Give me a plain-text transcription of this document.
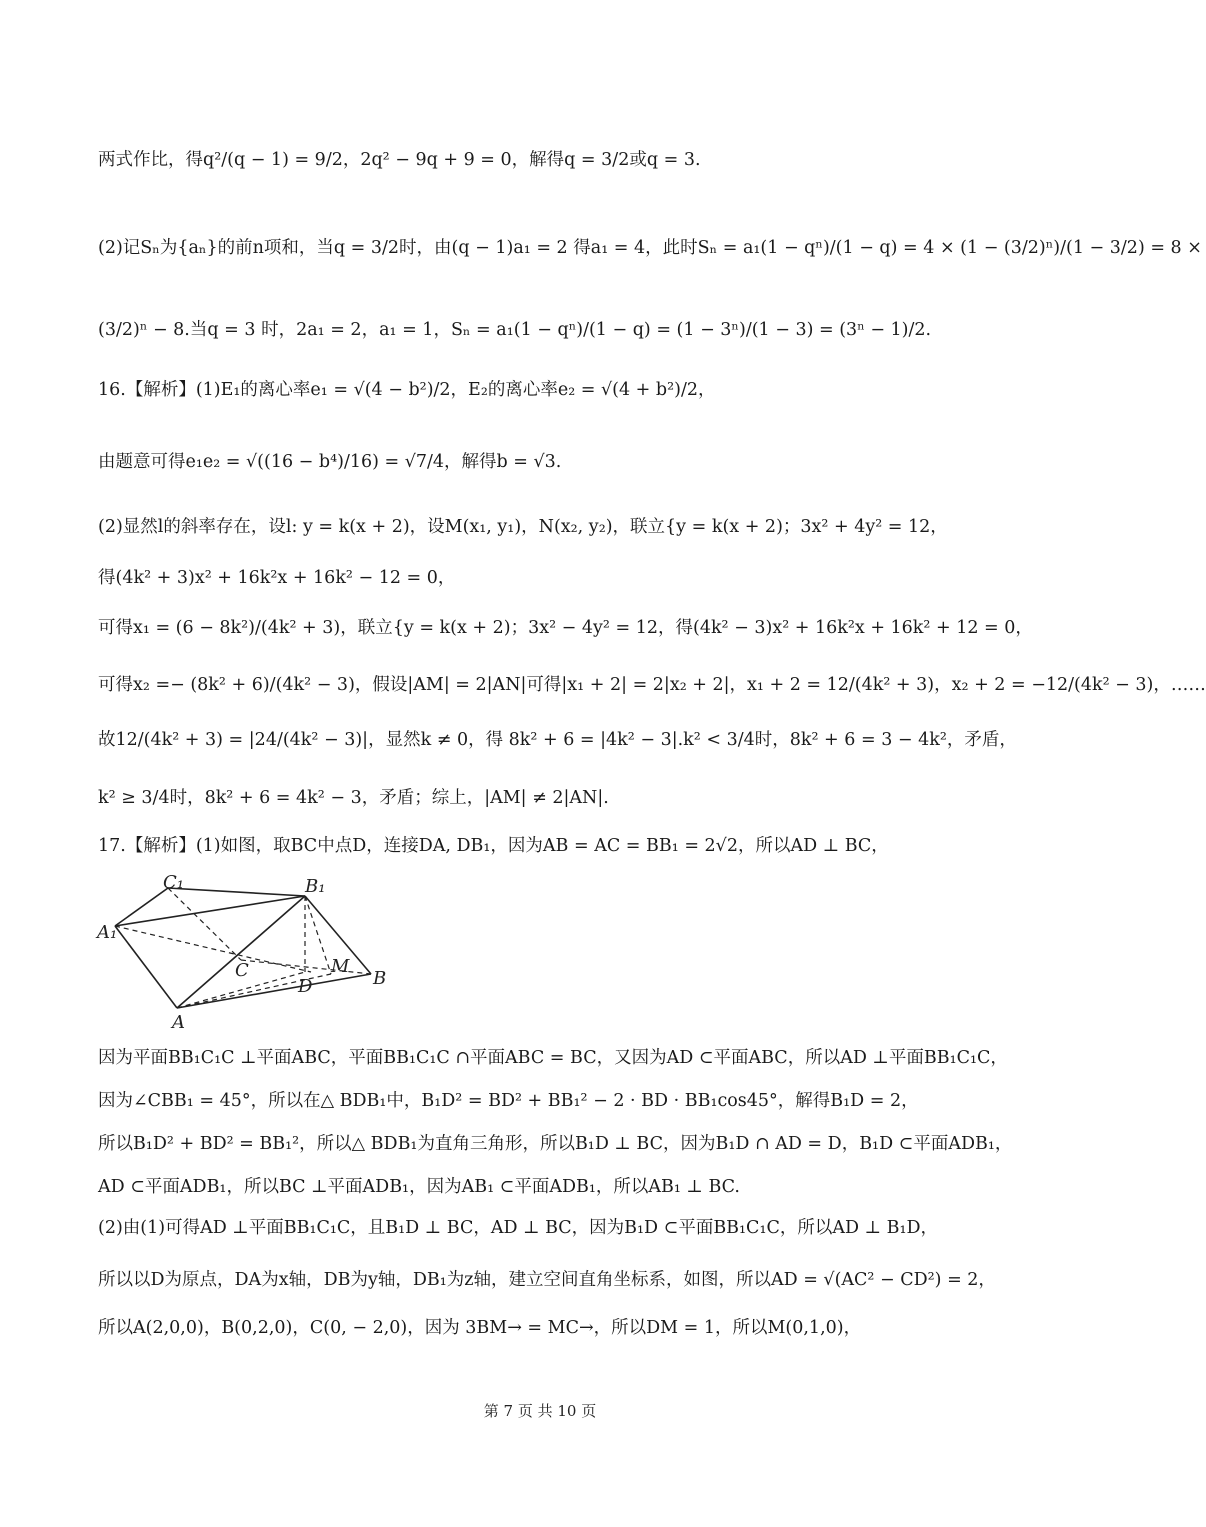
两式作比，得q²/(q − 1) = 9/2，2q² − 9q + 9 = 0，解得q = 3/2或q = 3.
(2)记Sₙ为{aₙ}的前n项和，当q = 3/2时，由(q − 1)a₁ = 2 得a₁ = 4，此时Sₙ = a₁(1 − qⁿ)/(1 − q) = 4 × (1 − (3/2)ⁿ)/(1 − 3/2) = 8 ×
(3/2)ⁿ − 8.当q = 3 时，2a₁ = 2，a₁ = 1，Sₙ = a₁(1 − qⁿ)/(1 − q) = (1 − 3ⁿ)/(1 − 3) = (3ⁿ − 1)/2.
16.【解析】(1)E₁的离心率e₁ = √(4 − b²)/2，E₂的离心率e₂ = √(4 + b²)/2，
由题意可得e₁e₂ = √((16 − b⁴)/16) = √7/4，解得b = √3.
(2)显然l的斜率存在，设l: y = k(x + 2)，设M(x₁, y₁)，N(x₂, y₂)，联立{y = k(x + 2)；3x² + 4y² = 12，
得(4k² + 3)x² + 16k²x + 16k² − 12 = 0，
可得x₁ = (6 − 8k²)/(4k² + 3)，联立{y = k(x + 2)；3x² − 4y² = 12，得(4k² − 3)x² + 16k²x + 16k² + 12 = 0，
可得x₂ =− (8k² + 6)/(4k² − 3)，假设|AM| = 2|AN|可得|x₁ + 2| = 2|x₂ + 2|，x₁ + 2 = 12/(4k² + 3)，x₂ + 2 = −12/(4k² − 3)，……
故12/(4k² + 3) = |24/(4k² − 3)|，显然k ≠ 0，得 8k² + 6 = |4k² − 3|.k² < 3/4时，8k² + 6 = 3 − 4k²，矛盾，
k² ≥ 3/4时，8k² + 6 = 4k² − 3，矛盾；综上，|AM| ≠ 2|AN|.
17.【解析】(1)如图，取BC中点D，连接DA, DB₁，因为AB = AC = BB₁ = 2√2，所以AD ⊥ BC，
C₁	B₁
A₁
C	M
D	B
A
因为平面BB₁C₁C ⊥平面ABC，平面BB₁C₁C ∩平面ABC = BC，又因为AD ⊂平面ABC，所以AD ⊥平面BB₁C₁C，
因为∠CBB₁ = 45°，所以在△ BDB₁中，B₁D² = BD² + BB₁² − 2 · BD · BB₁cos45°，解得B₁D = 2，
所以B₁D² + BD² = BB₁²，所以△ BDB₁为直角三角形，所以B₁D ⊥ BC，因为B₁D ∩ AD = D，B₁D ⊂平面ADB₁，
AD ⊂平面ADB₁，所以BC ⊥平面ADB₁，因为AB₁ ⊂平面ADB₁，所以AB₁ ⊥ BC.
(2)由(1)可得AD ⊥平面BB₁C₁C，且B₁D ⊥ BC，AD ⊥ BC，因为B₁D ⊂平面BB₁C₁C，所以AD ⊥ B₁D，
所以以D为原点，DA为x轴，DB为y轴，DB₁为z轴，建立空间直角坐标系，如图，所以AD = √(AC² − CD²) = 2，
所以A(2,0,0)，B(0,2,0)，C(0, − 2,0)，因为 3BM→ = MC→，所以DM = 1，所以M(0,1,0)，
第 7 页 共 10 页
